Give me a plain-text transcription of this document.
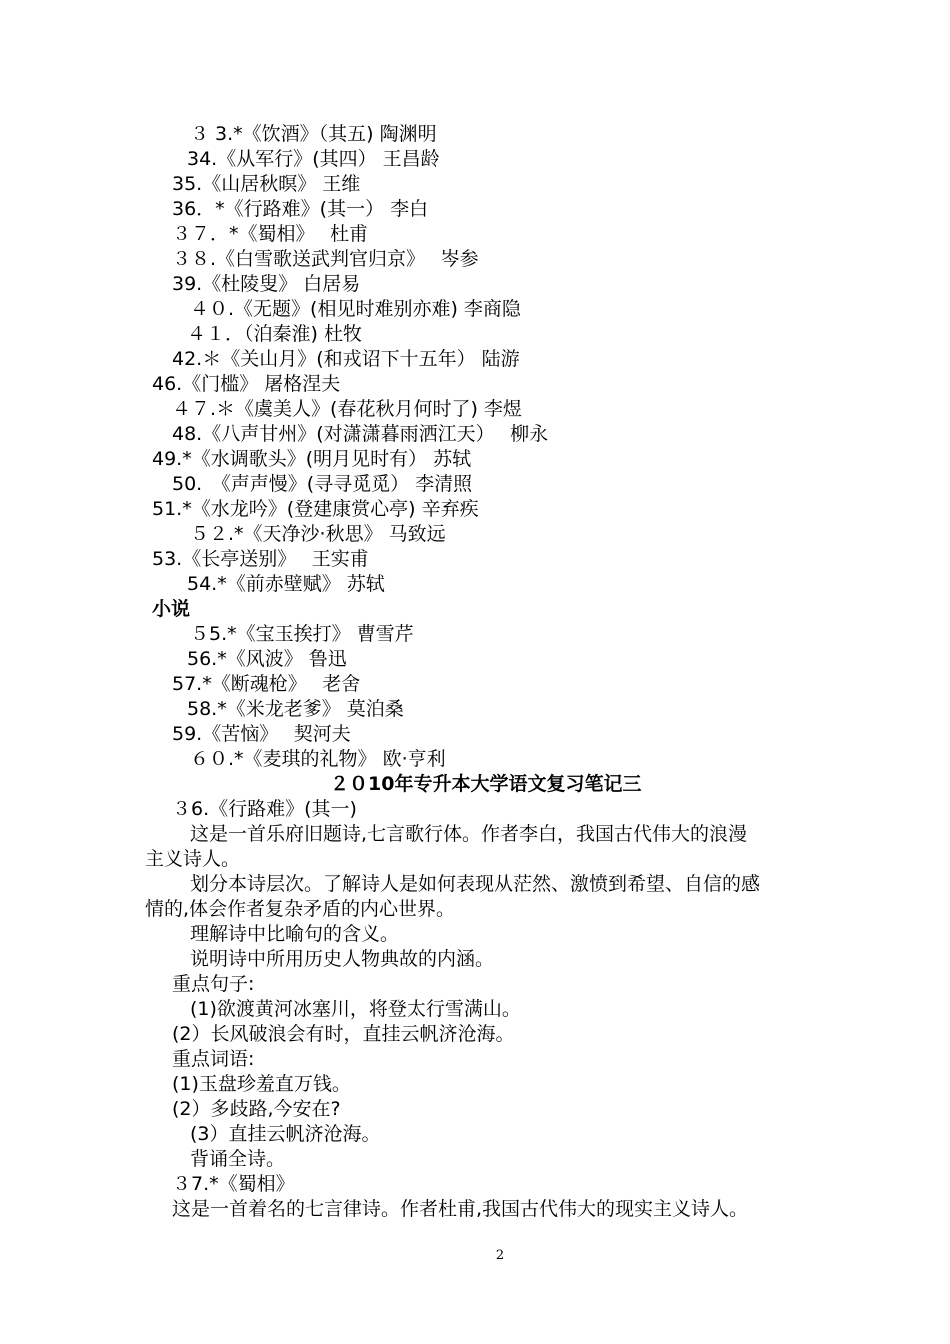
３ 3.*《饮酒》（其五) 陶渊明
34.《从军行》(其四） 王昌龄
35.《山居秋暝》 王维
36．*《行路难》(其一） 李白
３７．*《蜀相》　 杜甫
３８.《白雪歌送武判官归京》　 岑参
39.《杜陵叟》 白居易
４０.《无题》(相见时难别亦难) 李商隐
４１．（泊秦淮) 杜牧
42.＊《关山月》(和戎诏下十五年） 陆游
46.《门槛》 屠格涅夫
４７.＊《虞美人》(春花秋月何时了) 李煜
48.《八声甘州》(对潇潇暮雨洒江天）　 柳永
49.*《水调歌头》(明月见时有） 苏轼
50.　《声声慢》(寻寻觅觅） 李清照
51.*《水龙吟》(登建康赏心亭) 辛弃疾
５２.*《天净沙·秋思》 马致远
53.《长亭送别》　 王实甫
54.*《前赤壁赋》 苏轼
小说
５5.*《宝玉挨打》 曹雪芹
56.*《风波》 鲁迅
57.*《断魂枪》　 老舍
58.*《米龙老爹》 莫泊桑
59.《苦恼》　 契河夫
６０.*《麦琪的礼物》 欧·亨利
２０10年专升本大学语文复习笔记三
３6.《行路难》(其一)
这是一首乐府旧题诗,七言歌行体。作者李白，我国古代伟大的浪漫
主义诗人。
划分本诗层次。了解诗人是如何表现从茫然、激愤到希望、自信的感
情的,体会作者复杂矛盾的内心世界。
理解诗中比喻句的含义。
说明诗中所用历史人物典故的内涵。
重点句子:
(1)欲渡黄河冰塞川，将登太行雪满山。
(2）长风破浪会有时，直挂云帆济沧海。
重点词语:
(1)玉盘珍羞直万钱。
(2）多歧路,今安在?
(3）直挂云帆济沧海。
背诵全诗。
３7.*《蜀相》
这是一首着名的七言律诗。作者杜甫,我国古代伟大的现实主义诗人。
2
